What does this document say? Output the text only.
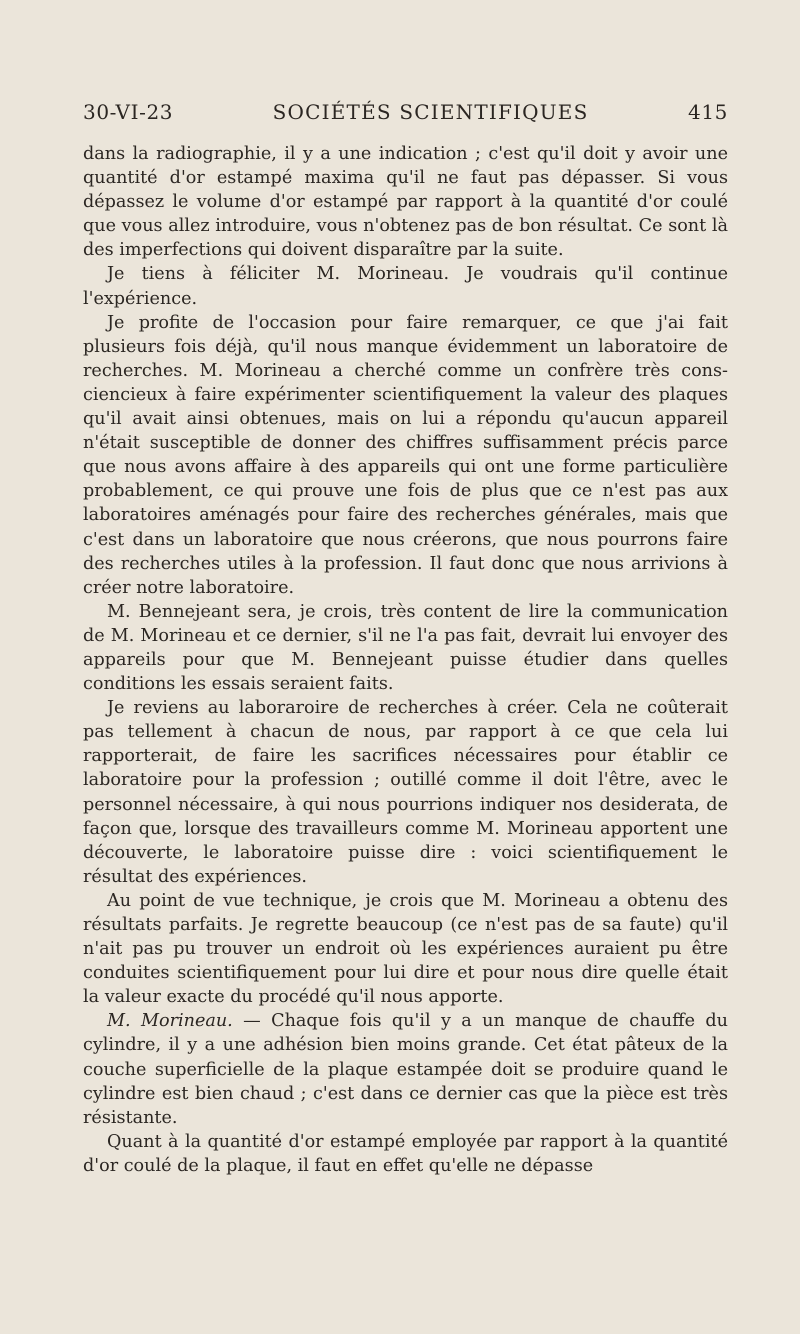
30-VI-23	SOCIÉTÉS SCIENTIFIQUES	415

dans la radiographie, il y a une indication ; c'est qu'il doit y avoir une quantité d'or estampé maxima qu'il ne faut pas dépasser. Si vous dépassez le volume d'or estampé par rapport à la quantité d'or coulé que vous allez introduire, vous n'obtenez pas de bon résultat. Ce sont là des imperfections qui doivent disparaître par la suite.

Je tiens à féliciter M. Morineau. Je voudrais qu'il continue l'expérience.

Je profite de l'occasion pour faire remarquer, ce que j'ai fait plusieurs fois déjà, qu'il nous manque évidemment un laboratoire de recherches. M. Morineau a cherché comme un confrère très consciencieux à faire expérimenter scientifiquement la valeur des plaques qu'il avait ainsi obtenues, mais on lui a répondu qu'aucun appareil n'était susceptible de donner des chiffres suffisamment précis parce que nous avons affaire à des appareils qui ont une forme particulière probablement, ce qui prouve une fois de plus que ce n'est pas aux laboratoires aménagés pour faire des recherches générales, mais que c'est dans un laboratoire que nous créerons, que nous pourrons faire des recherches utiles à la profession. Il faut donc que nous arrivions à créer notre laboratoire.

M. Bennejeant sera, je crois, très content de lire la communication de M. Morineau et ce dernier, s'il ne l'a pas fait, devrait lui envoyer des appareils pour que M. Bennejeant puisse étudier dans quelles conditions les essais seraient faits.

Je reviens au laboraroire de recherches à créer. Cela ne coûterait pas tellement à chacun de nous, par rapport à ce que cela lui rapporterait, de faire les sacrifices nécessaires pour établir ce laboratoire pour la profession ; outillé comme il doit l'être, avec le personnel nécessaire, à qui nous pourrions indiquer nos desiderata, de façon que, lorsque des travailleurs comme M. Morineau apportent une découverte, le laboratoire puisse dire : voici scientifiquement le résultat des expériences.

Au point de vue technique, je crois que M. Morineau a obtenu des résultats parfaits. Je regrette beaucoup (ce n'est pas de sa faute) qu'il n'ait pas pu trouver un endroit où les expériences auraient pu être conduites scientifiquement pour lui dire et pour nous dire quelle était la valeur exacte du procédé qu'il nous apporte.

M. Morineau. — Chaque fois qu'il y a un manque de chauffe du cylindre, il y a une adhésion bien moins grande. Cet état pâteux de la couche superficielle de la plaque estampée doit se produire quand le cylindre est bien chaud ; c'est dans ce dernier cas que la pièce est très résistante.

Quant à la quantité d'or estampé employée par rapport à la quantité d'or coulé de la plaque, il faut en effet qu'elle ne dépasse
